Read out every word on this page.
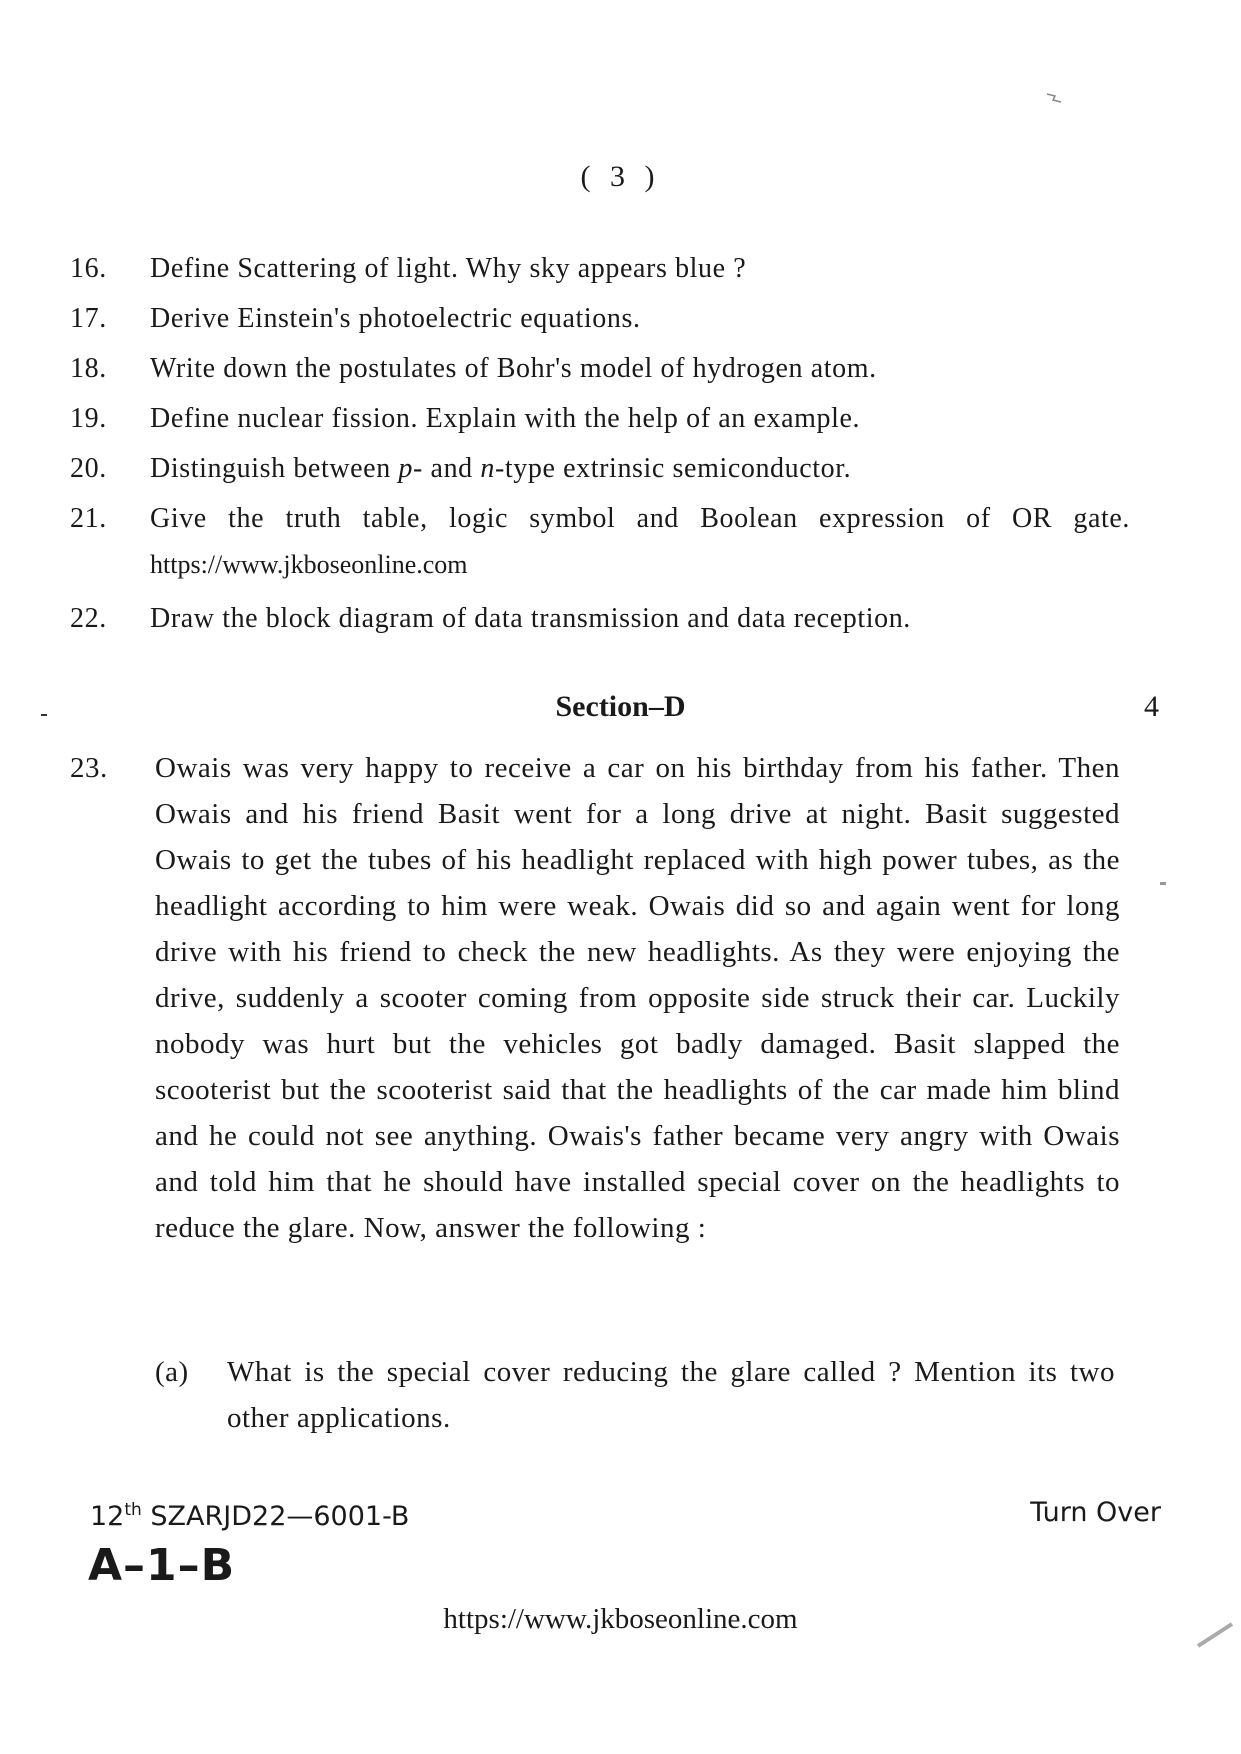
( 3 )
16.	Define Scattering of light. Why sky appears blue ?
17.	Derive Einstein's photoelectric equations.
18.	Write down the postulates of Bohr's model of hydrogen atom.
19.	Define nuclear fission. Explain with the help of an example.
20.	Distinguish between p- and n-type extrinsic semiconductor.
21.	Give the truth table, logic symbol and Boolean expression of OR gate. https://www.jkboseonline.com
22.	Draw the block diagram of data transmission and data reception.
Section–D	4
23. Owais was very happy to receive a car on his birthday from his father. Then Owais and his friend Basit went for a long drive at night. Basit suggested Owais to get the tubes of his headlight replaced with high power tubes, as the headlight according to him were weak. Owais did so and again went for long drive with his friend to check the new headlights. As they were enjoying the drive, suddenly a scooter coming from opposite side struck their car. Luckily nobody was hurt but the vehicles got badly damaged. Basit slapped the scooterist but the scooterist said that the headlights of the car made him blind and he could not see anything. Owais's father became very angry with Owais and told him that he should have installed special cover on the headlights to reduce the glare. Now, answer the following :
(a) What is the special cover reducing the glare called ? Mention its two other applications.
12th SZARJD22—6001-B	Turn Over
A–1–B
https://www.jkboseonline.com
